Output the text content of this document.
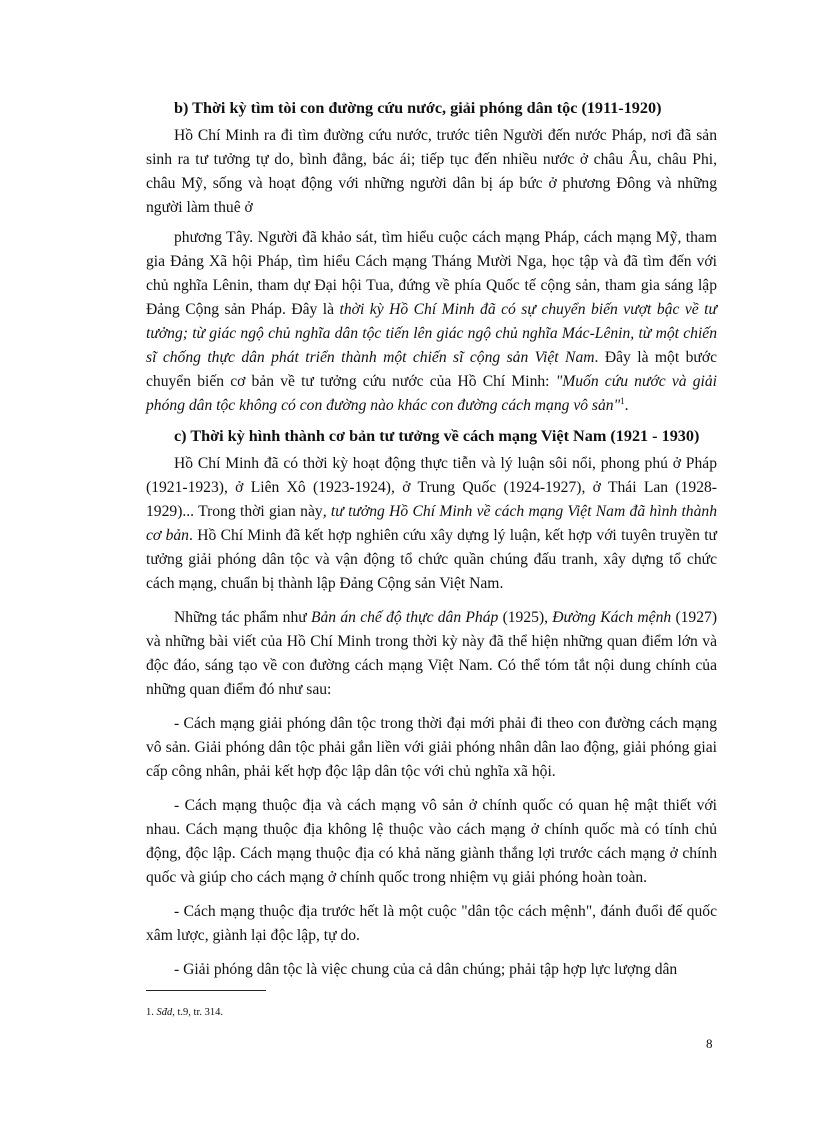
b) Thời kỳ tìm tòi con đường cứu nước, giải phóng dân tộc (1911-1920)

Hồ Chí Minh ra đi tìm đường cứu nước, trước tiên Người đến nước Pháp, nơi đã sản sinh ra tư tưởng tự do, bình đẳng, bác ái; tiếp tục đến nhiều nước ở châu Âu, châu Phi, châu Mỹ, sống và hoạt động với những người dân bị áp bức ở phương Đông và những người làm thuê ở

phương Tây. Người đã khảo sát, tìm hiểu cuộc cách mạng Pháp, cách mạng Mỹ, tham gia Đảng Xã hội Pháp, tìm hiểu Cách mạng Tháng Mười Nga, học tập và đã tìm đến với chủ nghĩa Lênin, tham dự Đại hội Tua, đứng về phía Quốc tế cộng sản, tham gia sáng lập Đảng Cộng sản Pháp. Đây là thời kỳ Hồ Chí Minh đã có sự chuyển biến vượt bậc về tư tưởng; từ giác ngộ chủ nghĩa dân tộc tiến lên giác ngộ chủ nghĩa Mác-Lênin, từ một chiến sĩ chống thực dân phát triển thành một chiến sĩ cộng sản Việt Nam. Đây là một bước chuyển biến cơ bản về tư tưởng cứu nước của Hồ Chí Minh: "Muốn cứu nước và giải phóng dân tộc không có con đường nào khác con đường cách mạng vô sản"$^1$.

c) Thời kỳ hình thành cơ bản tư tưởng về cách mạng Việt Nam (1921 - 1930)

Hồ Chí Minh đã có thời kỳ hoạt động thực tiễn và lý luận sôi nổi, phong phú ở Pháp (1921-1923), ở Liên Xô (1923-1924), ở Trung Quốc (1924-1927), ở Thái Lan (1928-1929)... Trong thời gian này, tư tưởng Hồ Chí Minh về cách mạng Việt Nam đã hình thành cơ bản. Hồ Chí Minh đã kết hợp nghiên cứu xây dựng lý luận, kết hợp với tuyên truyền tư tưởng giải phóng dân tộc và vận động tổ chức quần chúng đấu tranh, xây dựng tổ chức cách mạng, chuẩn bị thành lập Đảng Cộng sản Việt Nam.

Những tác phẩm như Bản án chế độ thực dân Pháp (1925), Đường Kách mệnh (1927) và những bài viết của Hồ Chí Minh trong thời kỳ này đã thể hiện những quan điểm lớn và độc đáo, sáng tạo về con đường cách mạng Việt Nam. Có thể tóm tắt nội dung chính của những quan điểm đó như sau:

- Cách mạng giải phóng dân tộc trong thời đại mới phải đi theo con đường cách mạng vô sản. Giải phóng dân tộc phải gắn liền với giải phóng nhân dân lao động, giải phóng giai cấp công nhân, phải kết hợp độc lập dân tộc với chủ nghĩa xã hội.

- Cách mạng thuộc địa và cách mạng vô sản ở chính quốc có quan hệ mật thiết với nhau. Cách mạng thuộc địa không lệ thuộc vào cách mạng ở chính quốc mà có tính chủ động, độc lập. Cách mạng thuộc địa có khả năng giành thắng lợi trước cách mạng ở chính quốc và giúp cho cách mạng ở chính quốc trong nhiệm vụ giải phóng hoàn toàn.

- Cách mạng thuộc địa trước hết là một cuộc "dân tộc cách mệnh", đánh đuổi đế quốc xâm lược, giành lại độc lập, tự do.

- Giải phóng dân tộc là việc chung của cả dân chúng; phải tập hợp lực lượng dân

1. Sđd, t.9, tr. 314.
8
